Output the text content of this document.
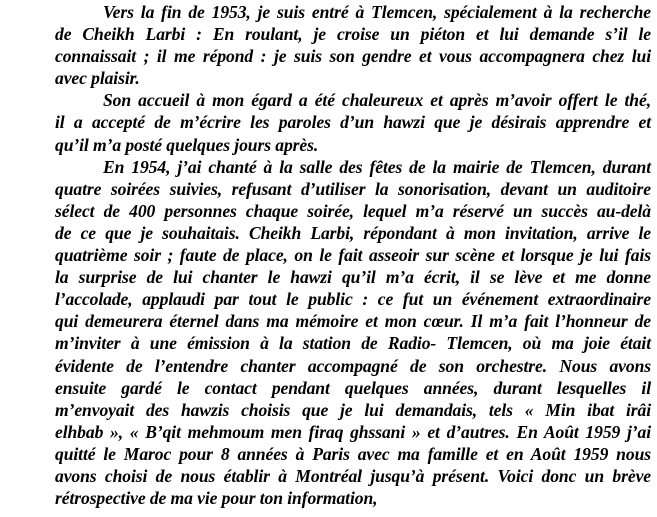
Vers la fin de 1953, je suis entré à Tlemcen, spécialement à la recherche
de Cheikh Larbi : En roulant, je croise un piéton et lui demande s’il le
connaissait ; il me répond : je suis son gendre et vous accompagnera chez lui
avec plaisir.
Son accueil à mon égard a été chaleureux et après m’avoir offert le thé,
il a accepté de m’écrire les paroles d’un hawzi que je désirais apprendre et
qu’il m’a posté quelques jours après.
En 1954, j’ai chanté à la salle des fêtes de la mairie de Tlemcen, durant
quatre soirées suivies, refusant d’utiliser la sonorisation, devant un auditoire
sélect de 400 personnes chaque soirée, lequel m’a réservé un succès au-delà
de ce que je souhaitais. Cheikh Larbi, répondant à mon invitation, arrive le
quatrième soir ; faute de place, on le fait asseoir sur scène et lorsque je lui fais
la surprise de lui chanter le hawzi qu’il m’a écrit, il se lève et me donne
l’accolade, applaudi par tout le public : ce fut un événement extraordinaire
qui demeurera éternel dans ma mémoire et mon cœur. Il m’a fait l’honneur de
m’inviter à une émission à la station de Radio- Tlemcen, où ma joie était
évidente de l’entendre chanter accompagné de son orchestre. Nous avons
ensuite gardé le contact pendant quelques années, durant lesquelles il
m’envoyait des hawzis choisis que je lui demandais, tels « Min ibat irâi
elhbab », « B’qit mehmoum men firaq ghssani » et d’autres. En Août 1959 j’ai
quitté le Maroc pour 8 années à Paris avec ma famille et en Août 1959 nous
avons choisi de nous établir à Montréal jusqu’à présent. Voici donc un brève
rétrospective de ma vie pour ton information,
